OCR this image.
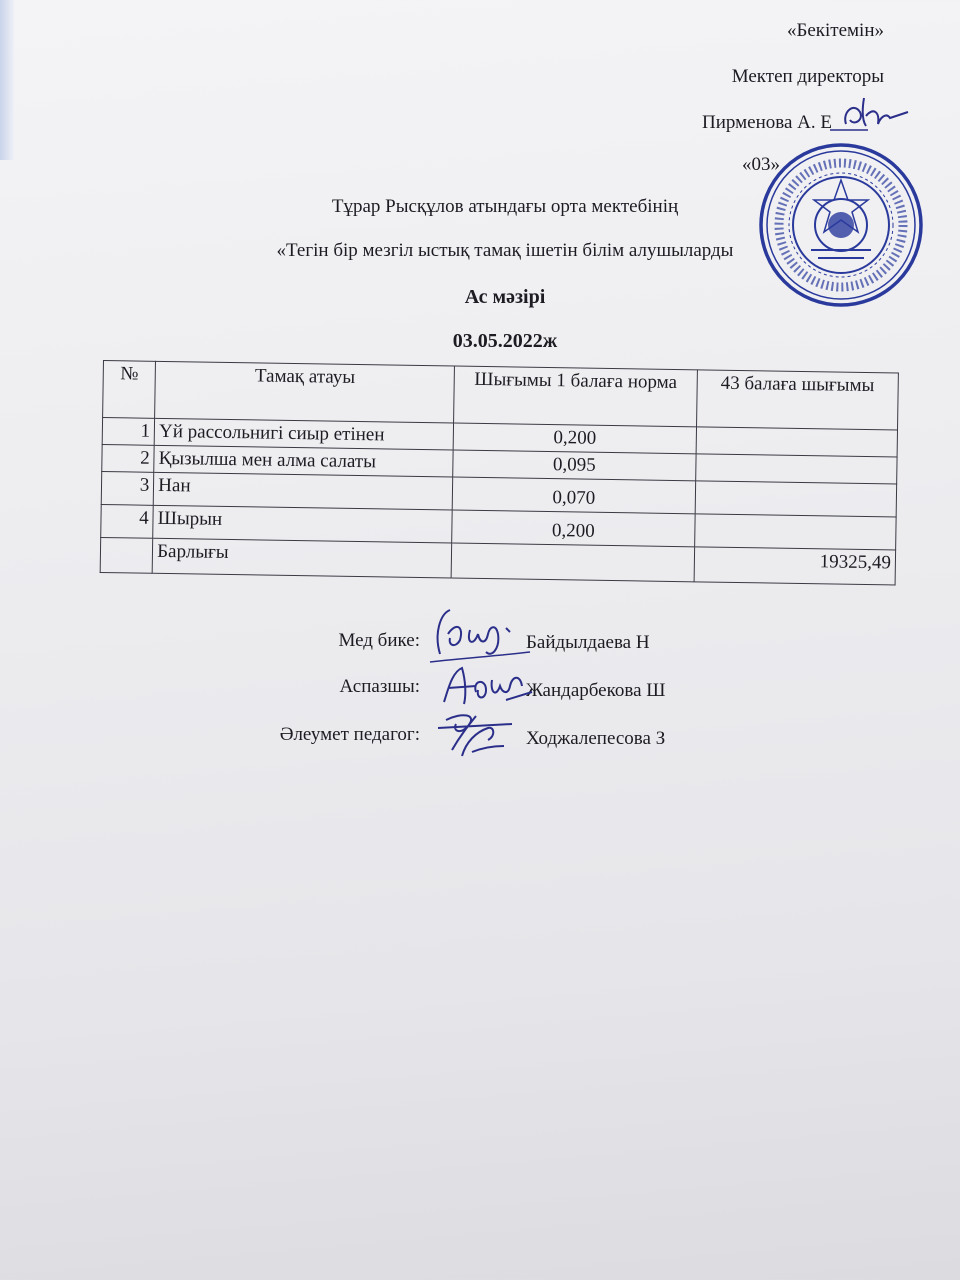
«Бекітемін»
Мектеп директоры
Пирменова А. Е
«03»
Тұрар Рысқұлов атындағы орта мектебінің
«Тегін бір мезгіл ыстық тамақ ішетін білім алушыларды
Ас мәзірі
03.05.2022ж
№	Тамақ атауы	Шығымы 1 балаға норма	43 балаға шығымы
1	Үй рассольнигі сиыр етінен	0,200	
2	Қызылша мен алма салаты	0,095	
3	Нан	0,070	
4	Шырын	0,200	
	Барлығы		19325,49
Мед бике:	Байдылдаева Н
Аспазшы:	Жандарбекова Ш
Әлеумет педагог:	Ходжалепесова З
